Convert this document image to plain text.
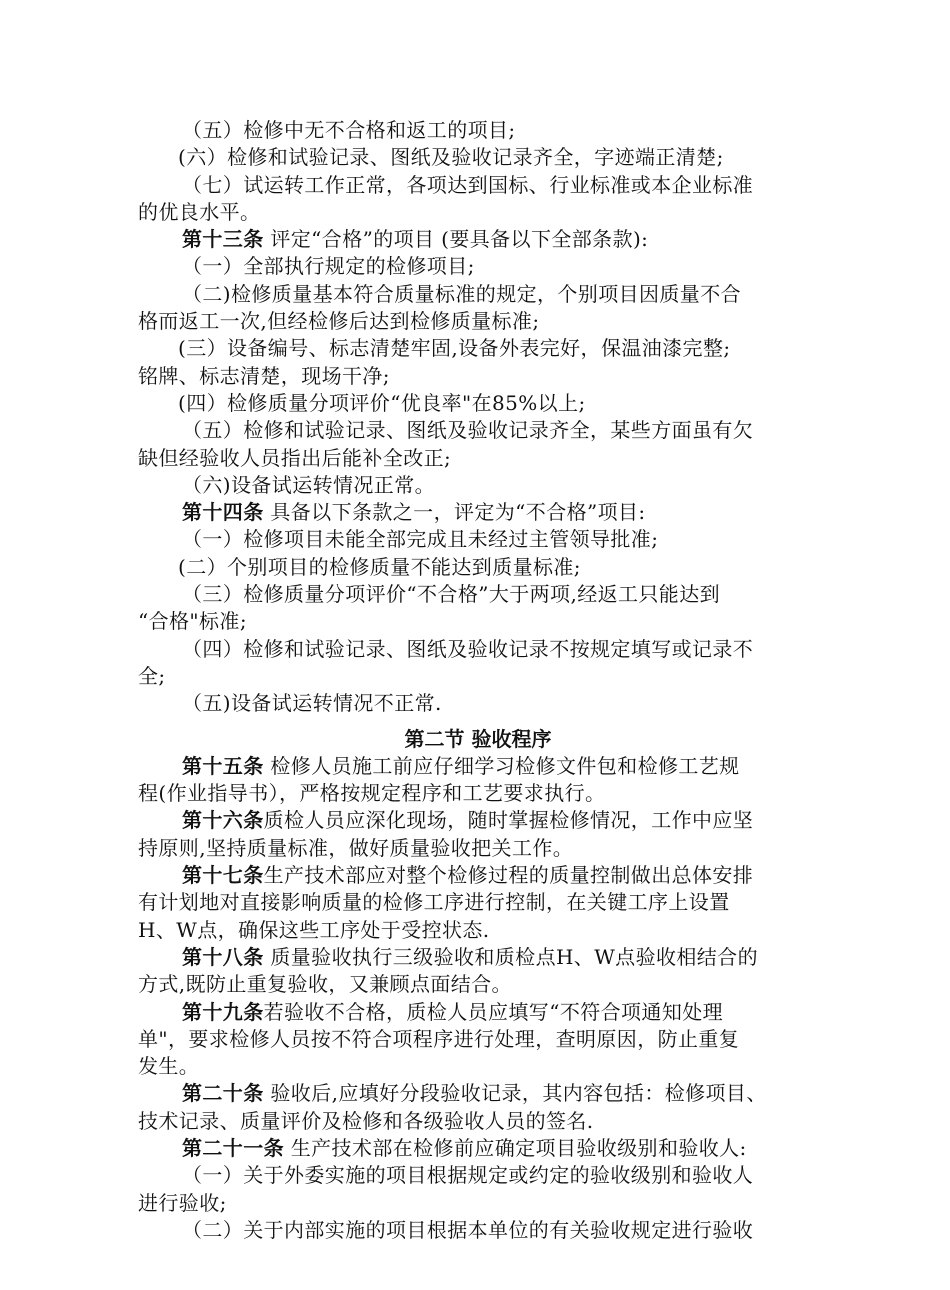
（五）检修中无不合格和返工的项目;
(六）检修和试验记录、图纸及验收记录齐全，字迹端正清楚;
（七）试运转工作正常，各项达到国标、行业标准或本企业标准
的优良水平。
第十三条 评定“合格”的项目 (要具备以下全部条款):
（一）全部执行规定的检修项目;
（二)检修质量基本符合质量标准的规定，个别项目因质量不合
格而返工一次,但经检修后达到检修质量标准;
(三）设备编号、标志清楚牢固,设备外表完好，保温油漆完整;
铭牌、标志清楚，现场干净;
(四）检修质量分项评价“优良率"在85%以上;
（五）检修和试验记录、图纸及验收记录齐全，某些方面虽有欠
缺但经验收人员指出后能补全改正;
（六)设备试运转情况正常。
第十四条 具备以下条款之一，评定为“不合格”项目:
（一）检修项目未能全部完成且未经过主管领导批准;
(二）个别项目的检修质量不能达到质量标准;
（三）检修质量分项评价“不合格”大于两项,经返工只能达到
“合格"标准;
（四）检修和试验记录、图纸及验收记录不按规定填写或记录不
全;
（五)设备试运转情况不正常.
第二节 验收程序
第十五条 检修人员施工前应仔细学习检修文件包和检修工艺规
程(作业指导书），严格按规定程序和工艺要求执行。
第十六条质检人员应深化现场，随时掌握检修情况，工作中应坚
持原则,坚持质量标准，做好质量验收把关工作。
第十七条生产技术部应对整个检修过程的质量控制做出总体安排
有计划地对直接影响质量的检修工序进行控制，在关键工序上设置
H、W点，确保这些工序处于受控状态.
第十八条 质量验收执行三级验收和质检点H、W点验收相结合的
方式,既防止重复验收，又兼顾点面结合。
第十九条若验收不合格，质检人员应填写“不符合项通知处理
单"，要求检修人员按不符合项程序进行处理，查明原因，防止重复
发生。
第二十条 验收后,应填好分段验收记录，其内容包括：检修项目、
技术记录、质量评价及检修和各级验收人员的签名.
第二十一条 生产技术部在检修前应确定项目验收级别和验收人:
（一）关于外委实施的项目根据规定或约定的验收级别和验收人
进行验收;
（二）关于内部实施的项目根据本单位的有关验收规定进行验收
